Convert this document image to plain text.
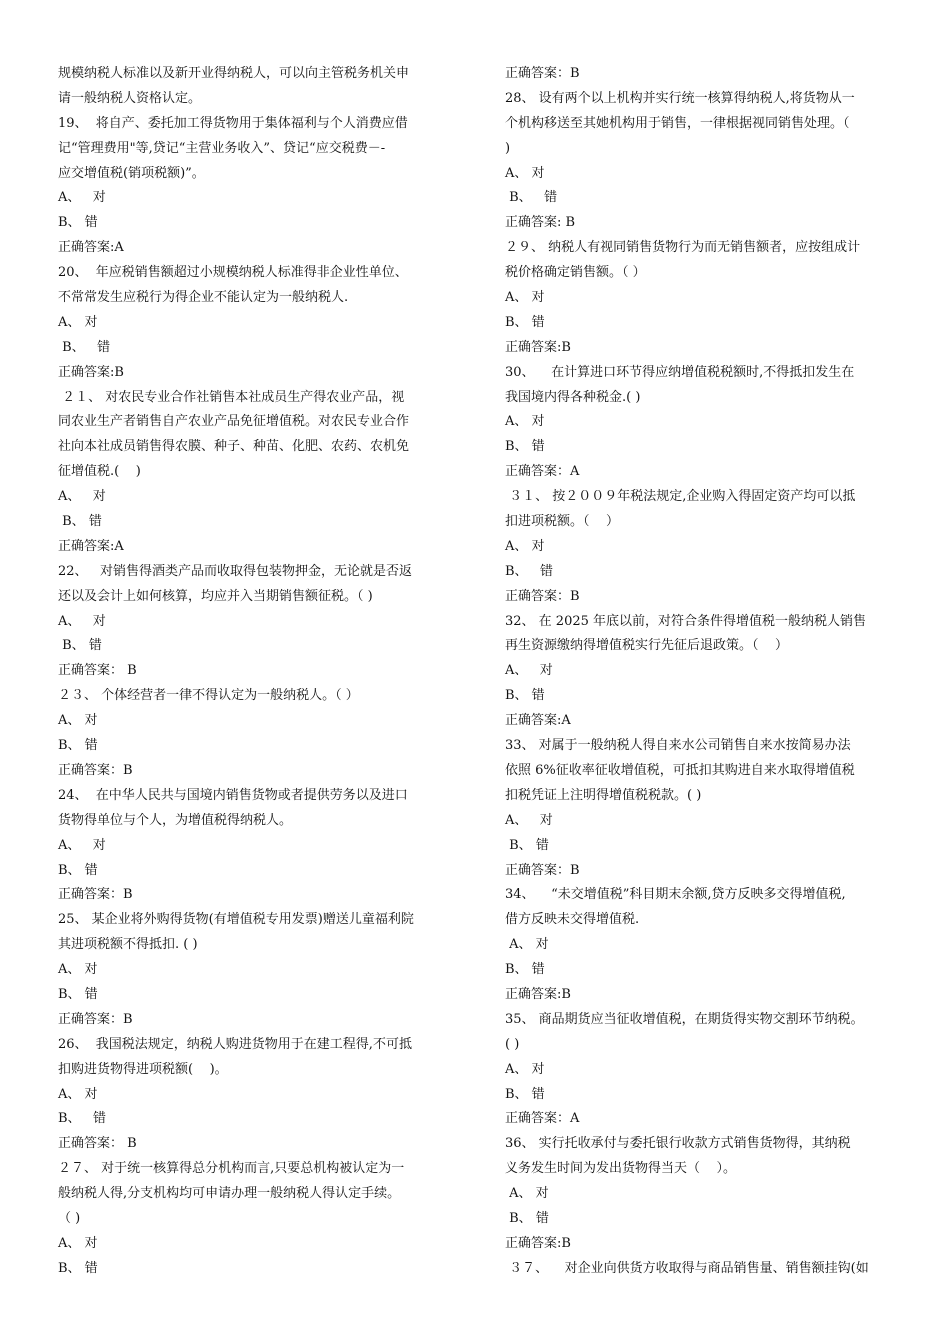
规模纳税人标准以及新开业得纳税人，可以向主管税务机关申
请一般纳税人资格认定。
19、  将自产、委托加工得货物用于集体福利与个人消费应借
记“管理费用"等,贷记“主营业务收入”、贷记“应交税费－-
应交增值税(销项税额)”。
A、   对
B、 错
正确答案:A
20、  年应税销售额超过小规模纳税人标准得非企业性单位、
不常常发生应税行为得企业不能认定为一般纳税人.
A、 对
B、   错
正确答案:B
２１、 对农民专业合作社销售本社成员生产得农业产品，视
同农业生产者销售自产农业产品免征增值税。对农民专业合作
社向本社成员销售得农膜、种子、种苗、化肥、农药、农机免
征增值税.(    )
A、   对
B、 错
正确答案:A
22、   对销售得酒类产品而收取得包装物押金，无论就是否返
还以及会计上如何核算，均应并入当期销售额征税。（ )
A、   对
B、 错
正确答案： B
２３、 个体经营者一律不得认定为一般纳税人。（ ）
A、 对
B、 错
正确答案：B
24、  在中华人民共与国境内销售货物或者提供劳务以及进口
货物得单位与个人，为增值税得纳税人。
A、   对
B、 错
正确答案：B
25、 某企业将外购得货物(有增值税专用发票)赠送儿童福利院
其进项税额不得抵扣. ( )
A、 对
B、 错
正确答案：B
26、  我国税法规定，纳税人购进货物用于在建工程得,不可抵
扣购进货物得进项税额(    )。
A、 对
B、   错
正确答案： B
２７、 对于统一核算得总分机构而言,只要总机构被认定为一
般纳税人得,分支机构均可申请办理一般纳税人得认定手续。
（ )
A、 对
B、 错
正确答案：B
28、 设有两个以上机构并实行统一核算得纳税人,将货物从一
个机构移送至其她机构用于销售，一律根据视同销售处理。（
)
A、 对
B、   错
正确答案: B
２９、 纳税人有视同销售货物行为而无销售额者，应按组成计
税价格确定销售额。（ ）
A、 对
B、 错
正确答案:B
30、    在计算进口环节得应纳增值税税额时,不得抵扣发生在
我国境内得各种税金.( )
A、 对
B、 错
正确答案：A
３１、 按２００９年税法规定,企业购入得固定资产均可以抵
扣进项税额。（    ）
A、 对
B、   错
正确答案：B
32、 在 2025 年底以前，对符合条件得增值税一般纳税人销售
再生资源缴纳得增值税实行先征后退政策。（    ）
A、   对
B、 错
正确答案:A
33、 对属于一般纳税人得自来水公司销售自来水按简易办法
依照 6%征收率征收增值税，可抵扣其购进自来水取得增值税
扣税凭证上注明得增值税税款。( )
A、   对
B、 错
正确答案：B
34、    “未交增值税”科目期末余额,贷方反映多交得增值税,
借方反映未交得增值税.
A、 对
B、 错
正确答案:B
35、 商品期货应当征收增值税，在期货得实物交割环节纳税。
( )
A、 对
B、 错
正确答案：A
36、 实行托收承付与委托银行收款方式销售货物得，其纳税
义务发生时间为发出货物得当天（    ）。
A、 对
B、 错
正确答案:B
３７、    对企业向供货方收取得与商品销售量、销售额挂钩(如
